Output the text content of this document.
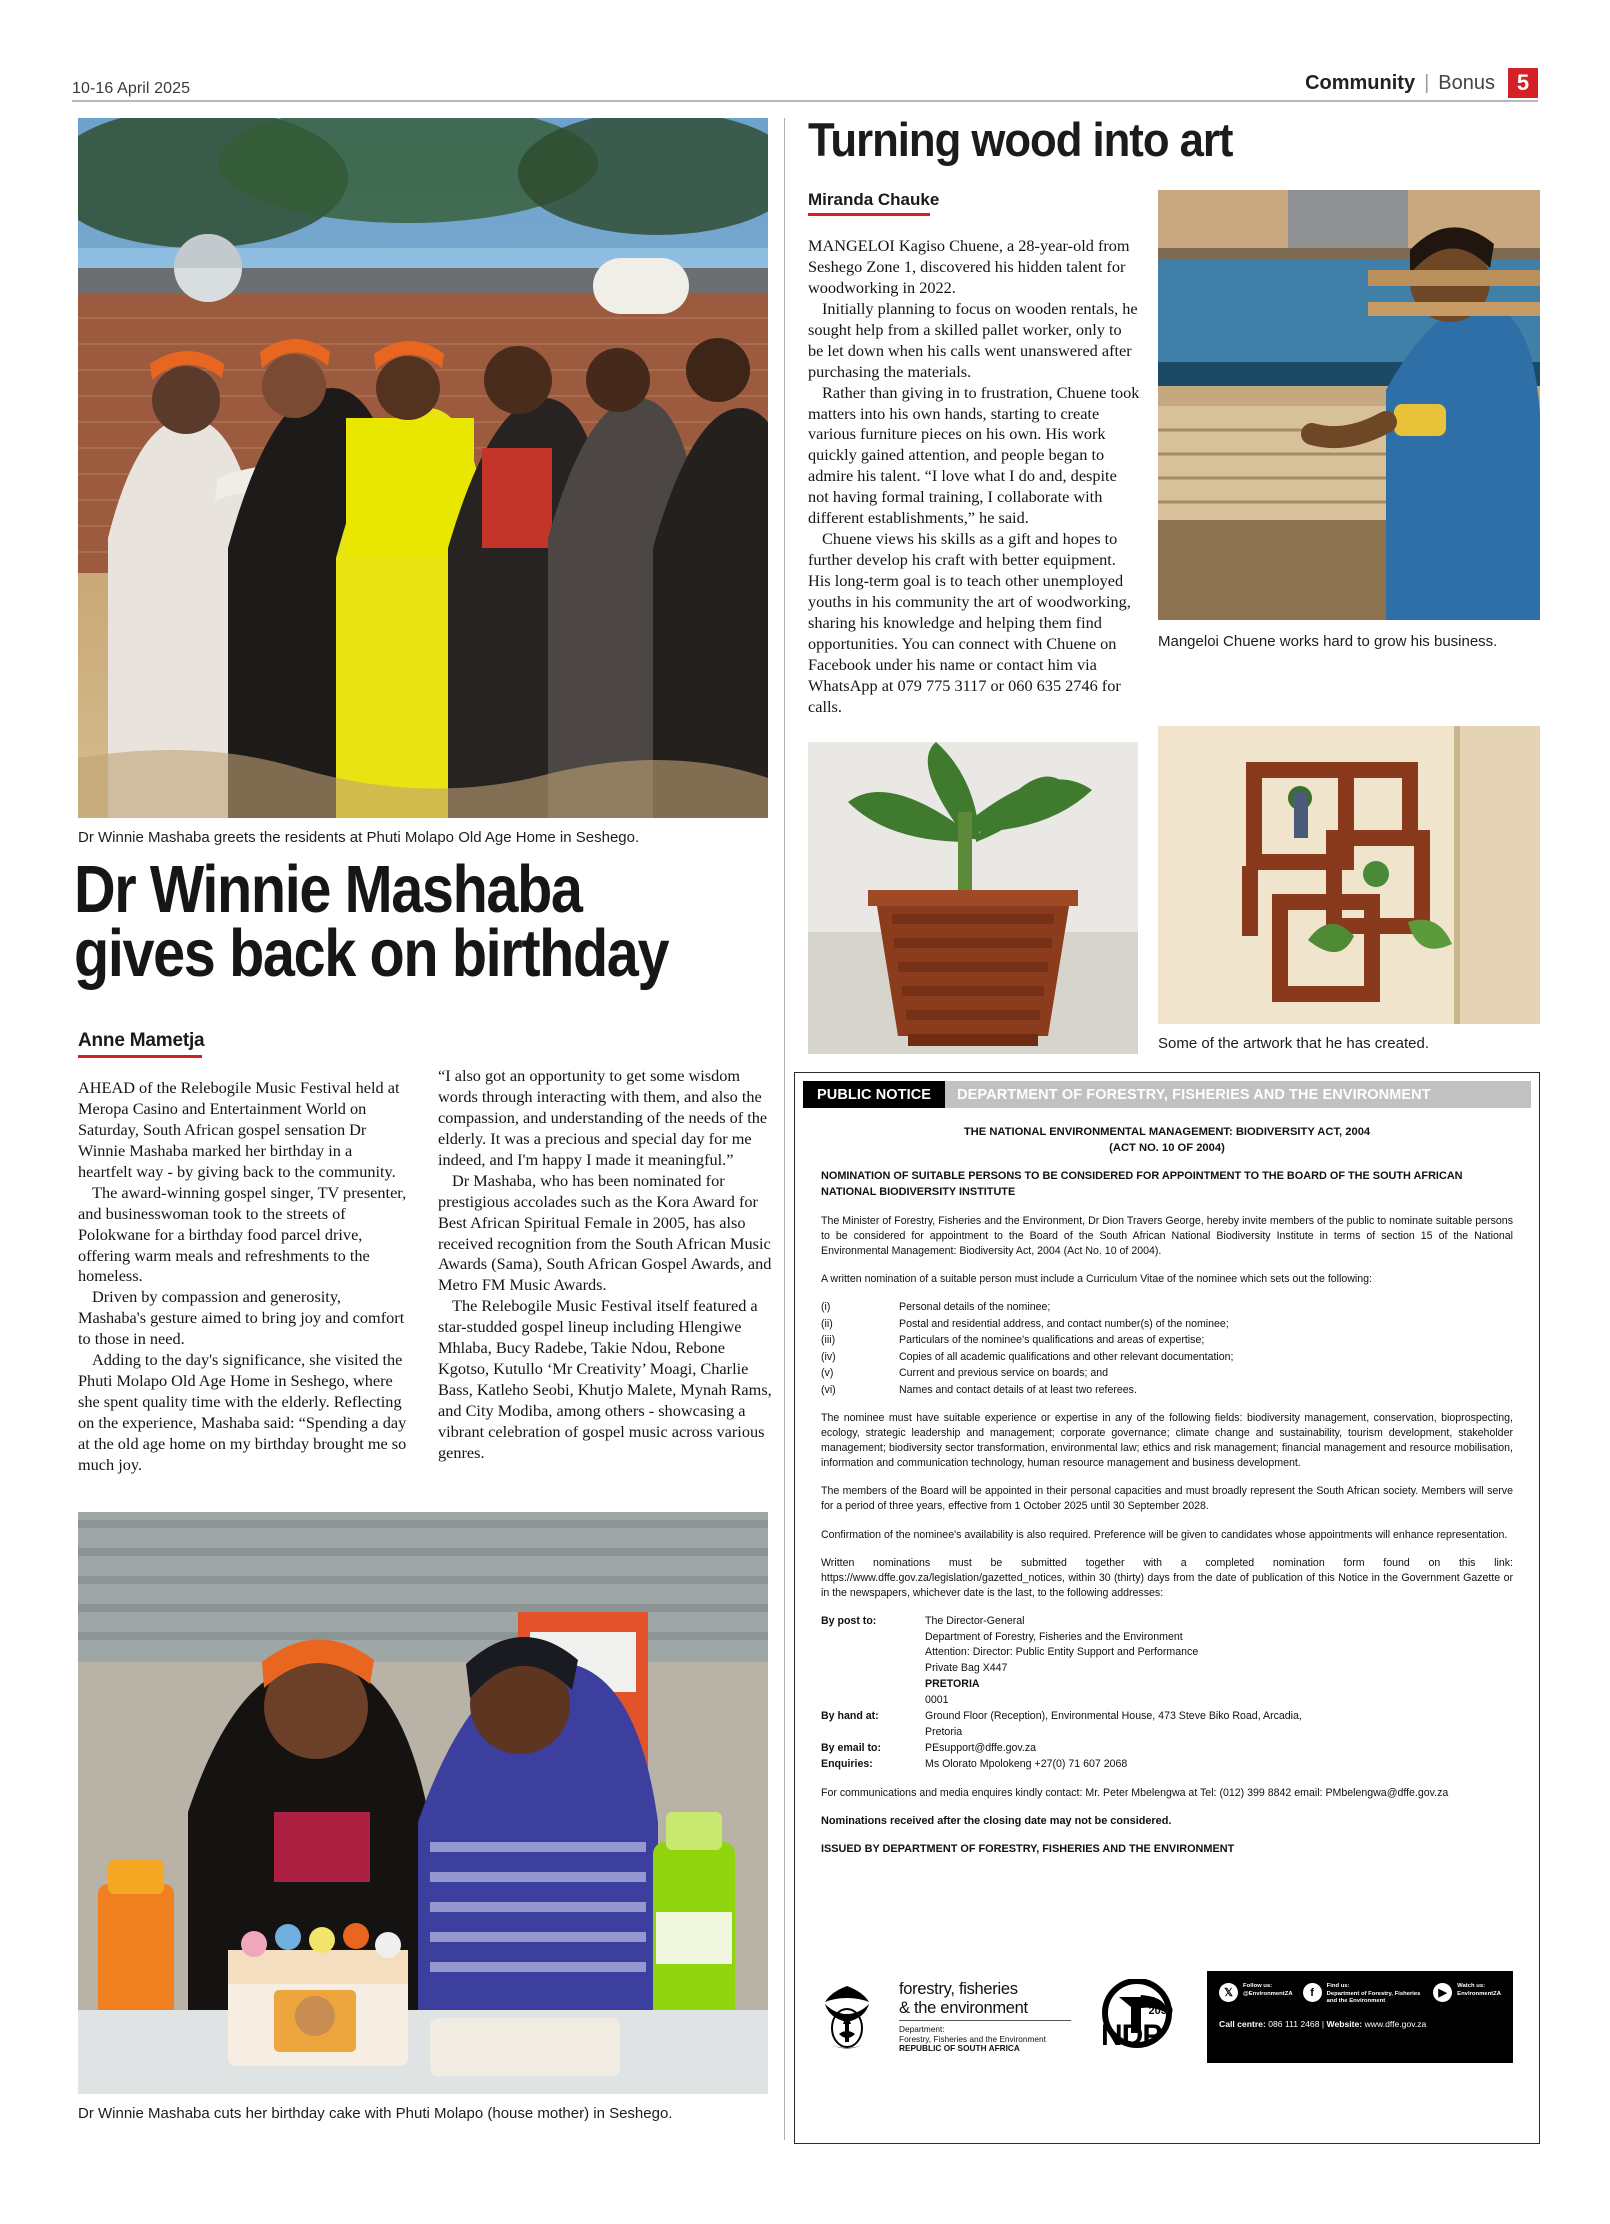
10-16 April 2025	Community | Bonus 5
Dr Winnie Mashaba greets the residents at Phuti Molapo Old Age Home in Seshego.
Dr Winnie Mashaba
gives back on birthday
Anne Mametja

AHEAD of the Relebogile Music Festival held at Meropa Casino and Entertainment World on Saturday, South African gospel sensation Dr Winnie Mashaba marked her birthday in a heartfelt way - by giving back to the community.

The award-winning gospel singer, TV presenter, and businesswoman took to the streets of Polokwane for a birthday food parcel drive, offering warm meals and refreshments to the homeless.

Driven by compassion and generosity, Mashaba's gesture aimed to bring joy and comfort to those in need.

Adding to the day's significance, she visited the Phuti Molapo Old Age Home in Seshego, where she spent quality time with the elderly. Reflecting on the experience, Mashaba said: “Spending a day at the old age home on my birthday brought me so much joy.

“I also got an opportunity to get some wisdom words through interacting with them, and also the compassion, and understanding of the needs of the elderly. It was a precious and special day for me indeed, and I'm happy I made it meaningful.”

Dr Mashaba, who has been nominated for prestigious accolades such as the Kora Award for Best African Spiritual Female in 2005, has also received recognition from the South African Music Awards (Sama), South African Gospel Awards, and Metro FM Music Awards.

The Relebogile Music Festival itself featured a star-studded gospel lineup including Hlengiwe Mhlaba, Bucy Radebe, Takie Ndou, Rebone Kgotso, Kutullo ‘Mr Creativity’ Moagi, Charlie Bass, Katleho Seobi, Khutjo Malete, Mynah Rams, and City Modiba, among others - showcasing a vibrant celebration of gospel music across various genres.

Dr Winnie Mashaba cuts her birthday cake with Phuti Molapo (house mother) in Seshego.
Turning wood into art
Miranda Chauke

MANGELOI Kagiso Chuene, a 28-year-old from Seshego Zone 1, discovered his hidden talent for woodworking in 2022.

Initially planning to focus on wooden rentals, he sought help from a skilled pallet worker, only to be let down when his calls went unanswered after purchasing the materials.

Rather than giving in to frustration, Chuene took matters into his own hands, starting to create various furniture pieces on his own. His work quickly gained attention, and people began to admire his talent. “I love what I do and, despite not having formal training, I collaborate with different establishments,” he said.

Chuene views his skills as a gift and hopes to further develop his craft with better equipment. His long-term goal is to teach other unemployed youths in his community the art of woodworking, sharing his knowledge and helping them find opportunities. You can connect with Chuene on Facebook under his name or contact him via WhatsApp at 079 775 3117 or 060 635 2746 for calls.

Mangeloi Chuene works hard to grow his business.
Some of the artwork that he has created.
PUBLIC NOTICE	DEPARTMENT OF FORESTRY, FISHERIES AND THE ENVIRONMENT
THE NATIONAL ENVIRONMENTAL MANAGEMENT: BIODIVERSITY ACT, 2004
(ACT NO. 10 OF 2004)
NOMINATION OF SUITABLE PERSONS TO BE CONSIDERED FOR APPOINTMENT TO THE BOARD OF THE SOUTH AFRICAN NATIONAL BIODIVERSITY INSTITUTE
The Minister of Forestry, Fisheries and the Environment, Dr Dion Travers George, hereby invite members of the public to nominate suitable persons to be considered for appointment to the Board of the South African National Biodiversity Institute in terms of section 15 of the National Environmental Management: Biodiversity Act, 2004 (Act No. 10 of 2004).
A written nomination of a suitable person must include a Curriculum Vitae of the nominee which sets out the following:
(i)	Personal details of the nominee;
(ii)	Postal and residential address, and contact number(s) of the nominee;
(iii)	Particulars of the nominee's qualifications and areas of expertise;
(iv)	Copies of all academic qualifications and other relevant documentation;
(v)	Current and previous service on boards; and
(vi)	Names and contact details of at least two referees.
The nominee must have suitable experience or expertise in any of the following fields: biodiversity management, conservation, bioprospecting, ecology, strategic leadership and management; corporate governance; climate change and sustainability, tourism development, stakeholder management; biodiversity sector transformation, environmental law; ethics and risk management; financial management and resource mobilisation, information and communication technology, human resource management and business development.
The members of the Board will be appointed in their personal capacities and must broadly represent the South African society. Members will serve for a period of three years, effective from 1 October 2025 until 30 September 2028.
Confirmation of the nominee's availability is also required. Preference will be given to candidates whose appointments will enhance representation.
Written nominations must be submitted together with a completed nomination form found on this link: https://www.dffe.gov.za/legislation/gazetted_notices, within 30 (thirty) days from the date of publication of this Notice in the Government Gazette or in the newspapers, whichever date is the last, to the following addresses:
By post to:	The Director-General
Department of Forestry, Fisheries and the Environment
Attention: Director: Public Entity Support and Performance
Private Bag X447
PRETORIA
0001
By hand at:	Ground Floor (Reception), Environmental House, 473 Steve Biko Road, Arcadia,
Pretoria
By email to:	PEsupport@dffe.gov.za
Enquiries:	Ms Olorato Mpolokeng +27(0) 71 607 2068
For communications and media enquires kindly contact: Mr. Peter Mbelengwa at Tel: (012) 399 8842 email: PMbelengwa@dffe.gov.za
Nominations received after the closing date may not be considered.
ISSUED BY DEPARTMENT OF FORESTRY, FISHERIES AND THE ENVIRONMENT
forestry, fisheries
& the environment
Department:
Forestry, Fisheries and the Environment
REPUBLIC OF SOUTH AFRICA
2030
NDP
𝕏
Follow us:
@EnvironmentZA	f
Find us:
Department of Forestry, Fisheries and the Environment
▶
Watch us:
EnvironmentZA
Call centre: 086 111 2468 | Website: www.dffe.gov.za
